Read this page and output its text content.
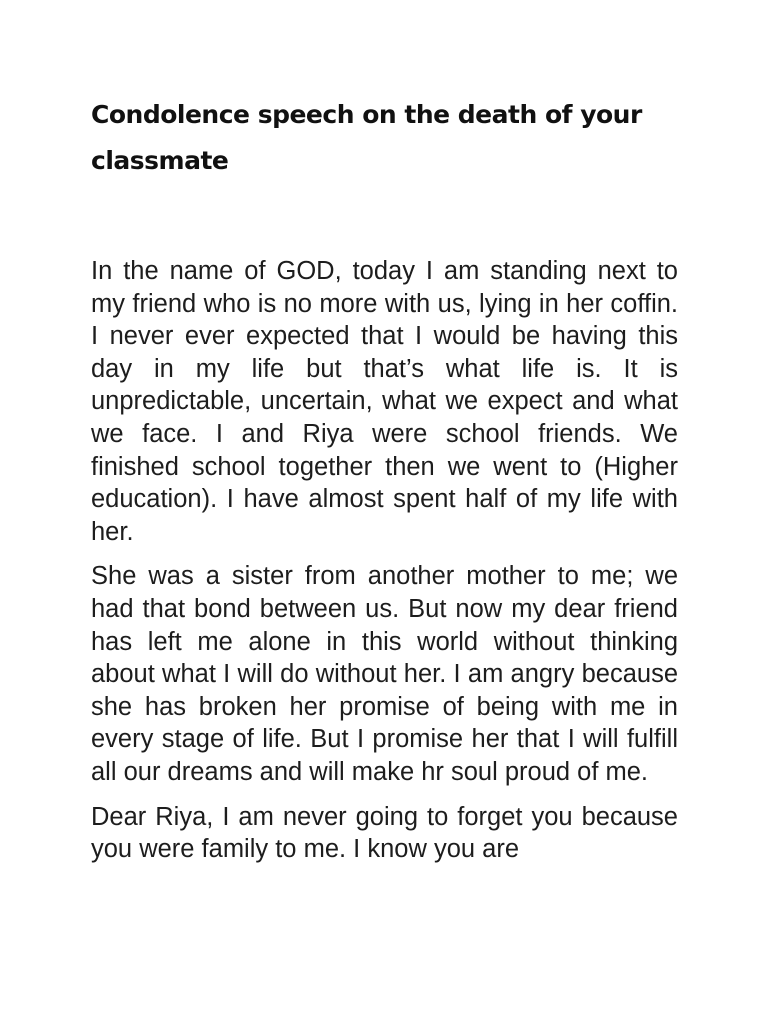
Condolence speech on the death of your classmate

In the name of GOD, today I am standing next to my friend who is no more with us, lying in her coffin. I never ever expected that I would be having this day in my life but that’s what life is. It is unpredictable, uncertain, what we expect and what we face. I and Riya were school friends. We finished school together then we went to (Higher education). I have almost spent half of my life with her.

She was a sister from another mother to me; we had that bond between us. But now my dear friend has left me alone in this world without thinking about what I will do without her. I am angry because she has broken her promise of being with me in every stage of life. But I promise her that I will fulfill all our dreams and will make hr soul proud of me.

Dear Riya, I am never going to forget you because you were family to me. I know you are
